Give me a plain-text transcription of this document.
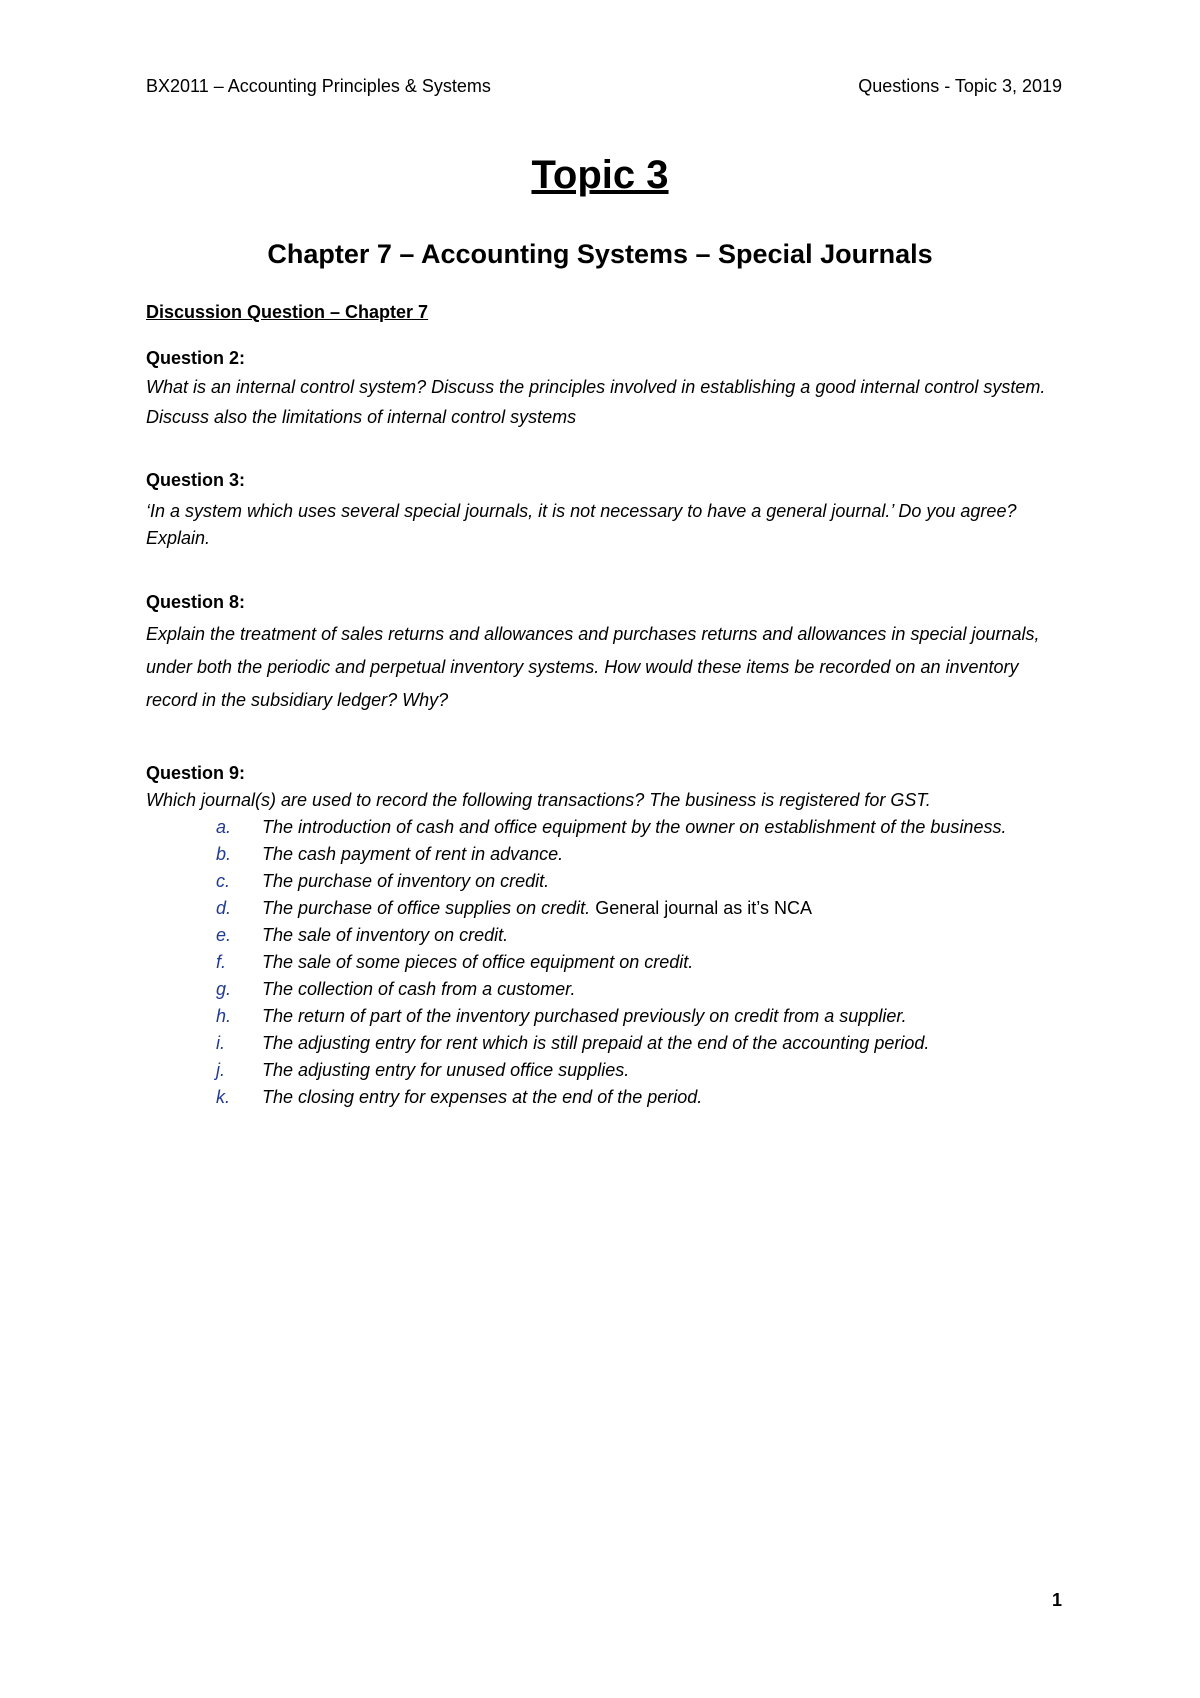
BX2011 – Accounting Principles & Systems	Questions - Topic 3, 2019
Topic 3
Chapter 7 – Accounting Systems – Special Journals

Discussion Question – Chapter 7

Question 2:

What is an internal control system? Discuss the principles involved in establishing a good internal control system. Discuss also the limitations of internal control systems

Question 3:

‘In a system which uses several special journals, it is not necessary to have a general journal.’ Do you agree? Explain.

Question 8:

Explain the treatment of sales returns and allowances and purchases returns and allowances in special journals, under both the periodic and perpetual inventory systems. How would these items be recorded on an inventory record in the subsidiary ledger? Why?

Question 9:

Which journal(s) are used to record the following transactions? The business is registered for GST.

a. The introduction of cash and office equipment by the owner on establishment of the business.
b. The cash payment of rent in advance.
c. The purchase of inventory on credit.
d. The purchase of office supplies on credit. General journal as it’s NCA
e. The sale of inventory on credit.
f. The sale of some pieces of office equipment on credit.
g. The collection of cash from a customer.
h. The return of part of the inventory purchased previously on credit from a supplier.
i. The adjusting entry for rent which is still prepaid at the end of the accounting period.
j. The adjusting entry for unused office supplies.
k. The closing entry for expenses at the end of the period.
1
